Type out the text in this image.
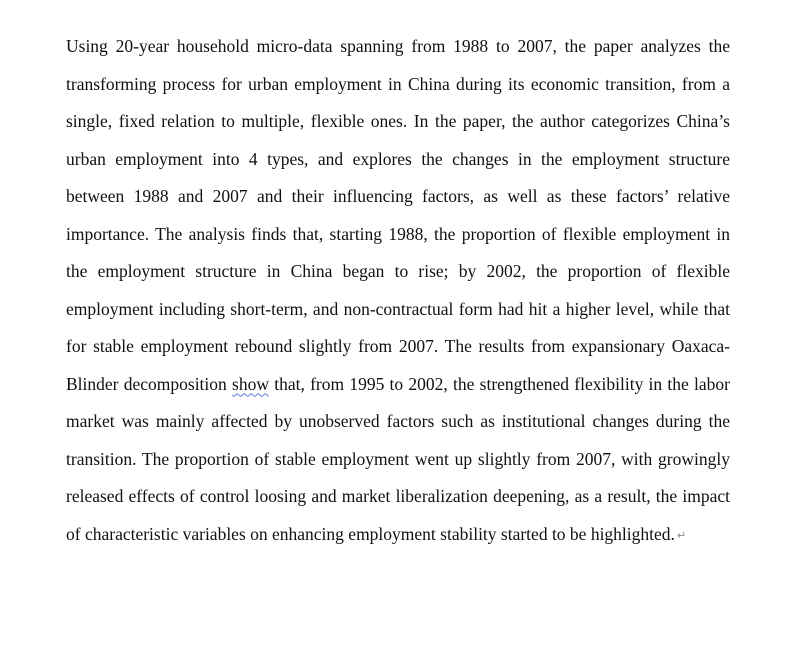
Using 20-year household micro-data spanning from 1988 to 2007, the paper analyzes the transforming process for urban employment in China during its economic transition, from a single, fixed relation to multiple, flexible ones. In the paper, the author categorizes China’s urban employment into 4 types, and explores the changes in the employment structure between 1988 and 2007 and their influencing factors, as well as these factors’ relative importance. The analysis finds that, starting 1988, the proportion of flexible employment in the employment structure in China began to rise; by 2002, the proportion of flexible employment including short-term, and non-contractual form had hit a higher level, while that for stable employment rebound slightly from 2007. The results from expansionary Oaxaca-Blinder decomposition show that, from 1995 to 2002, the strengthened flexibility in the labor market was mainly affected by unobserved factors such as institutional changes during the transition. The proportion of stable employment went up slightly from 2007, with growingly released effects of control loosing and market liberalization deepening, as a result, the impact of characteristic variables on enhancing employment stability started to be highlighted. ↵
